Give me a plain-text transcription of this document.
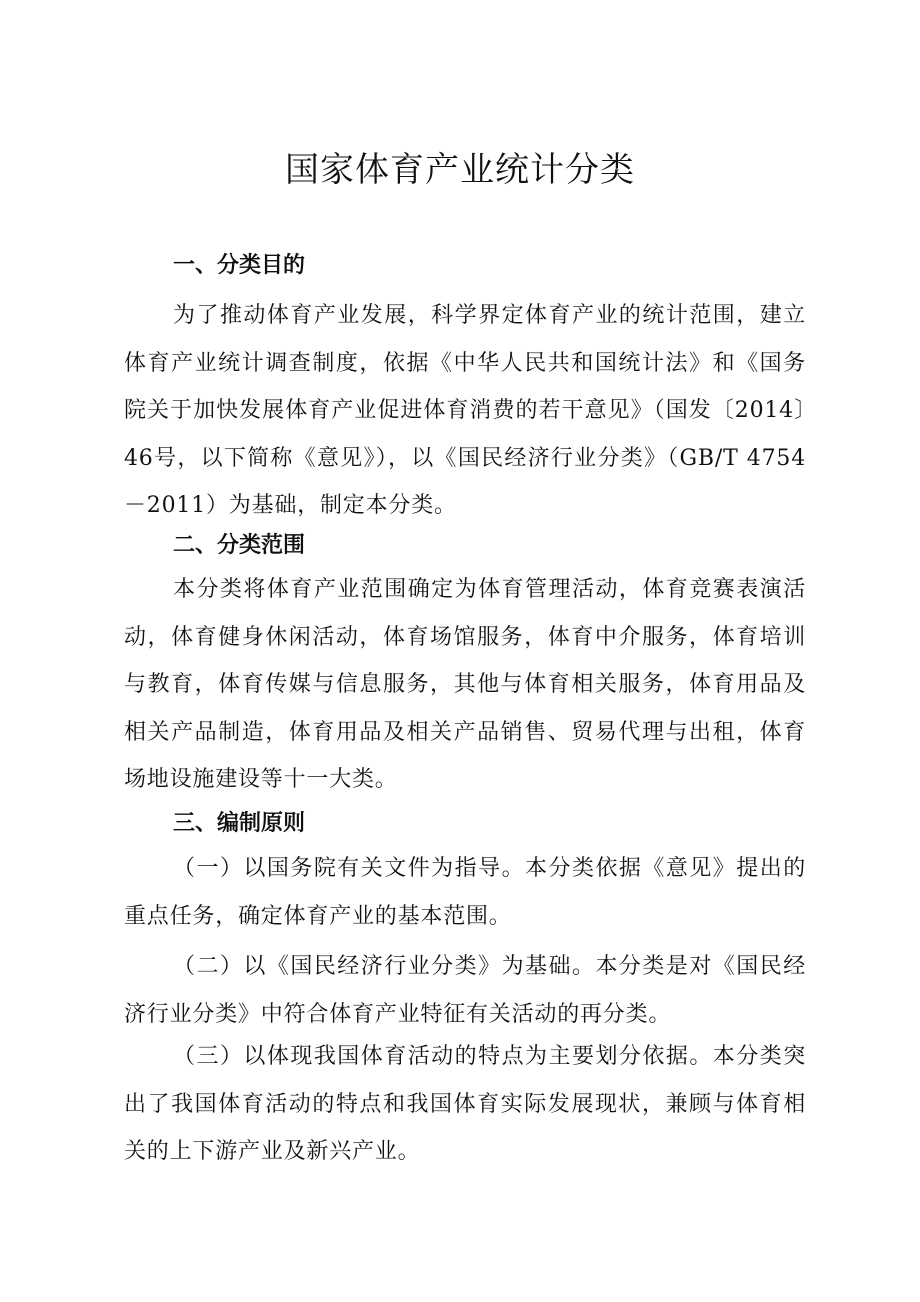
国家体育产业统计分类
一、分类目的

为了推动体育产业发展，科学界定体育产业的统计范围，建立体育产业统计调查制度，依据《中华人民共和国统计法》和《国务院关于加快发展体育产业促进体育消费的若干意见》（国发〔2014〕46号，以下简称《意见》），以《国民经济行业分类》（GB/T 4754－2011）为基础，制定本分类。

二、分类范围

本分类将体育产业范围确定为体育管理活动，体育竞赛表演活动，体育健身休闲活动，体育场馆服务，体育中介服务，体育培训与教育，体育传媒与信息服务，其他与体育相关服务，体育用品及相关产品制造，体育用品及相关产品销售、贸易代理与出租，体育场地设施建设等十一大类。

三、编制原则

（一）以国务院有关文件为指导。本分类依据《意见》提出的重点任务，确定体育产业的基本范围。

（二）以《国民经济行业分类》为基础。本分类是对《国民经济行业分类》中符合体育产业特征有关活动的再分类。

（三）以体现我国体育活动的特点为主要划分依据。本分类突出了我国体育活动的特点和我国体育实际发展现状，兼顾与体育相关的上下游产业及新兴产业。
